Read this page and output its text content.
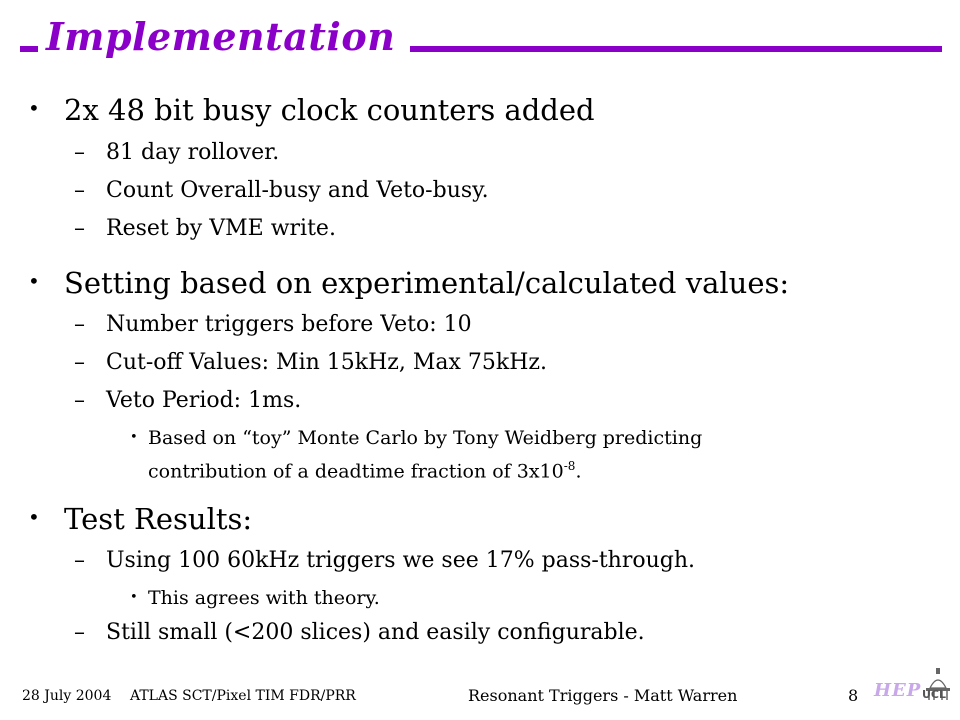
Implementation
• 2x 48 bit busy clock counters added
– 81 day rollover.
– Count Overall-busy and Veto-busy.
– Reset by VME write.
• Setting based on experimental/calculated values:
– Number triggers before Veto: 10
– Cut-off Values: Min 15kHz, Max 75kHz.
– Veto Period: 1ms.
• Based on “toy” Monte Carlo by Tony Weidberg predicting
contribution of a deadtime fraction of $3x10^{-8}$.
• Test Results:
– Using 100 60kHz triggers we see 17% pass-through.
• This agrees with theory.
– Still small (<200 slices) and easily configurable.
28 July 2004 ATLAS SCT/Pixel TIM FDR/PRR	Resonant Triggers - Matt Warren	8 HEP UCL
